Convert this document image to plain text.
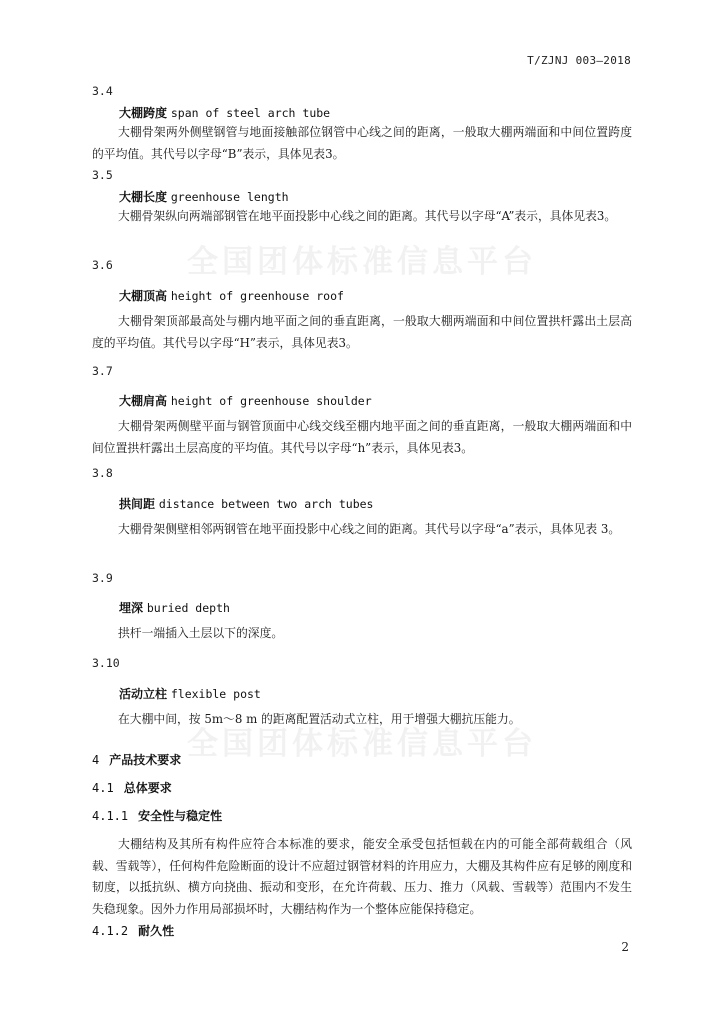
全国团体标准信息平台
全国团体标准信息平台
T/ZJNJ 003—2018
3.4
大棚跨度 span of steel arch tube
大棚骨架两外侧壁钢管与地面接触部位钢管中心线之间的距离，一般取大棚两端面和中间位置跨度的平均值。其代号以字母“B”表示，具体见表3。
3.5
大棚长度 greenhouse length
大棚骨架纵向两端部钢管在地平面投影中心线之间的距离。其代号以字母“A”表示，具体见表3。
3.6
大棚顶高 height of greenhouse roof
大棚骨架顶部最高处与棚内地平面之间的垂直距离，一般取大棚两端面和中间位置拱杆露出土层高度的平均值。其代号以字母“H”表示，具体见表3。
3.7
大棚肩高 height of greenhouse shoulder
大棚骨架两侧壁平面与钢管顶面中心线交线至棚内地平面之间的垂直距离，一般取大棚两端面和中间位置拱杆露出土层高度的平均值。其代号以字母“h”表示，具体见表3。
3.8
拱间距 distance between two arch tubes
大棚骨架侧壁相邻两钢管在地平面投影中心线之间的距离。其代号以字母“a”表示，具体见表 3。
3.9
埋深 buried depth
拱杆一端插入土层以下的深度。
3.10
活动立柱 flexible post
在大棚中间，按 5m～8 m 的距离配置活动式立柱，用于增强大棚抗压能力。
4 产品技术要求
4.1 总体要求
4.1.1 安全性与稳定性
大棚结构及其所有构件应符合本标准的要求，能安全承受包括恒载在内的可能全部荷载组合（风载、雪载等），任何构件危险断面的设计不应超过钢管材料的许用应力，大棚及其构件应有足够的刚度和韧度，以抵抗纵、横方向挠曲、振动和变形，在允许荷载、压力、推力（风载、雪载等）范围内不发生失稳现象。因外力作用局部损坏时，大棚结构作为一个整体应能保持稳定。
4.1.2 耐久性
2
